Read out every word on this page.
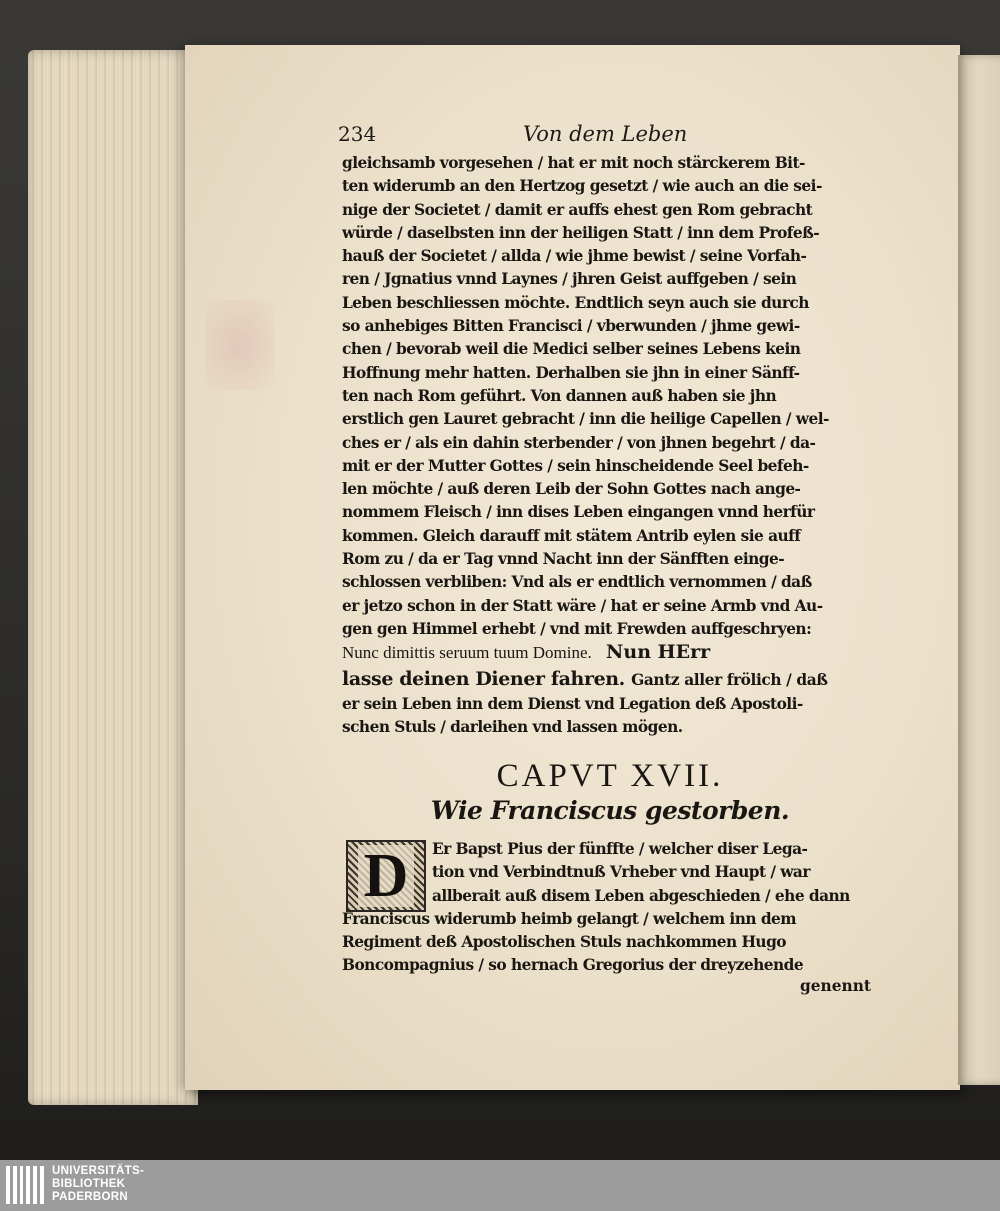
234	Von dem Leben
gleichsamb vorgesehen / hat er mit noch stärckerem Bit-
ten widerumb an den Hertzog gesetzt / wie auch an die sei-
nige der Societet / damit er auffs ehest gen Rom gebracht
würde / daselbsten inn der heiligen Statt / inn dem Profeß-
hauß der Societet / allda / wie jhme bewist / seine Vorfah-
ren / Jgnatius vnnd Laynes / jhren Geist auffgeben / sein
Leben beschliessen möchte. Endtlich seyn auch sie durch
so anhebiges Bitten Francisci / vberwunden / jhme gewi-
chen / bevorab weil die Medici selber seines Lebens kein
Hoffnung mehr hatten. Derhalben sie jhn in einer Sänff-
ten nach Rom geführt. Von dannen auß haben sie jhn
erstlich gen Lauret gebracht / inn die heilige Capellen / wel-
ches er / als ein dahin sterbender / von jhnen begehrt / da-
mit er der Mutter Gottes / sein hinscheidende Seel befeh-
len möchte / auß deren Leib der Sohn Gottes nach ange-
nommem Fleisch / inn dises Leben eingangen vnnd herfür
kommen. Gleich darauff mit stätem Antrib eylen sie auff
Rom zu / da er Tag vnnd Nacht inn der Sänfften einge-
schlossen verbliben: Vnd als er endtlich vernommen / daß
er jetzo schon in der Statt wäre / hat er seine Armb vnd Au-
gen gen Himmel erhebt / vnd mit Frewden auffgeschryen:
Nunc dimittis seruum tuum Domine. Nun HErr
lasse deinen Diener fahren. Gantz aller frölich / daß
er sein Leben inn dem Dienst vnd Legation deß Apostoli-
schen Stuls / darleihen vnd lassen mögen.
CAPVT XVII.
Wie Franciscus gestorben.
D	Er Bapst Pius der fünffte / welcher diser Lega-
tion vnd Verbindtnuß Vrheber vnd Haupt / war
allberait auß disem Leben abgeschieden / ehe dann
Franciscus widerumb heimb gelangt / welchem inn dem
Regiment deß Apostolischen Stuls nachkommen Hugo
Boncompagnius / so hernach Gregorius der dreyzehende
genennt
UNIVERSITÄTS-
BIBLIOTHEK
PADERBORN
